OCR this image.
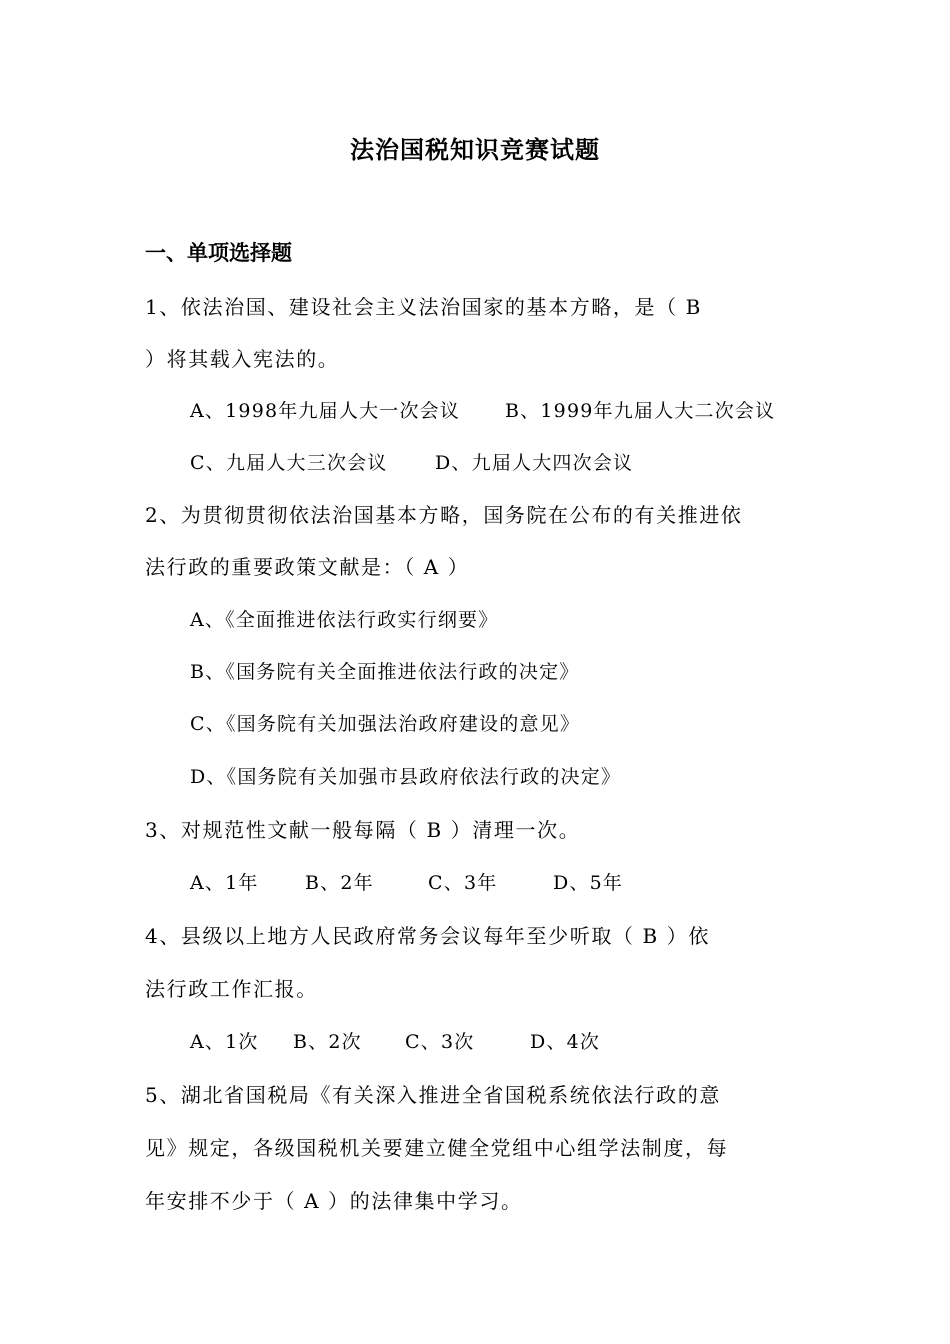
法治国税知识竞赛试题
一、单项选择题
1、依法治国、建设社会主义法治国家的基本方略，是（ B
）将其载入宪法的。
A、1998年九届人大一次会议 B、1999年九届人大二次会议
C、九届人大三次会议 D、九届人大四次会议
2、为贯彻贯彻依法治国基本方略，国务院在公布的有关推进依
法行政的重要政策文献是：（ A ）
A、《全面推进依法行政实行纲要》
B、《国务院有关全面推进依法行政的决定》
C、《国务院有关加强法治政府建设的意见》
D、《国务院有关加强市县政府依法行政的决定》
3、对规范性文献一般每隔（ B ）清理一次。
A、1年 B、2年	C、3年	D、5年
4、县级以上地方人民政府常务会议每年至少听取（ B ）依
法行政工作汇报。
A、1次 B、2次 C、3次	D、4次
5、湖北省国税局《有关深入推进全省国税系统依法行政的意
见》规定，各级国税机关要建立健全党组中心组学法制度，每
年安排不少于（ A ）的法律集中学习。
